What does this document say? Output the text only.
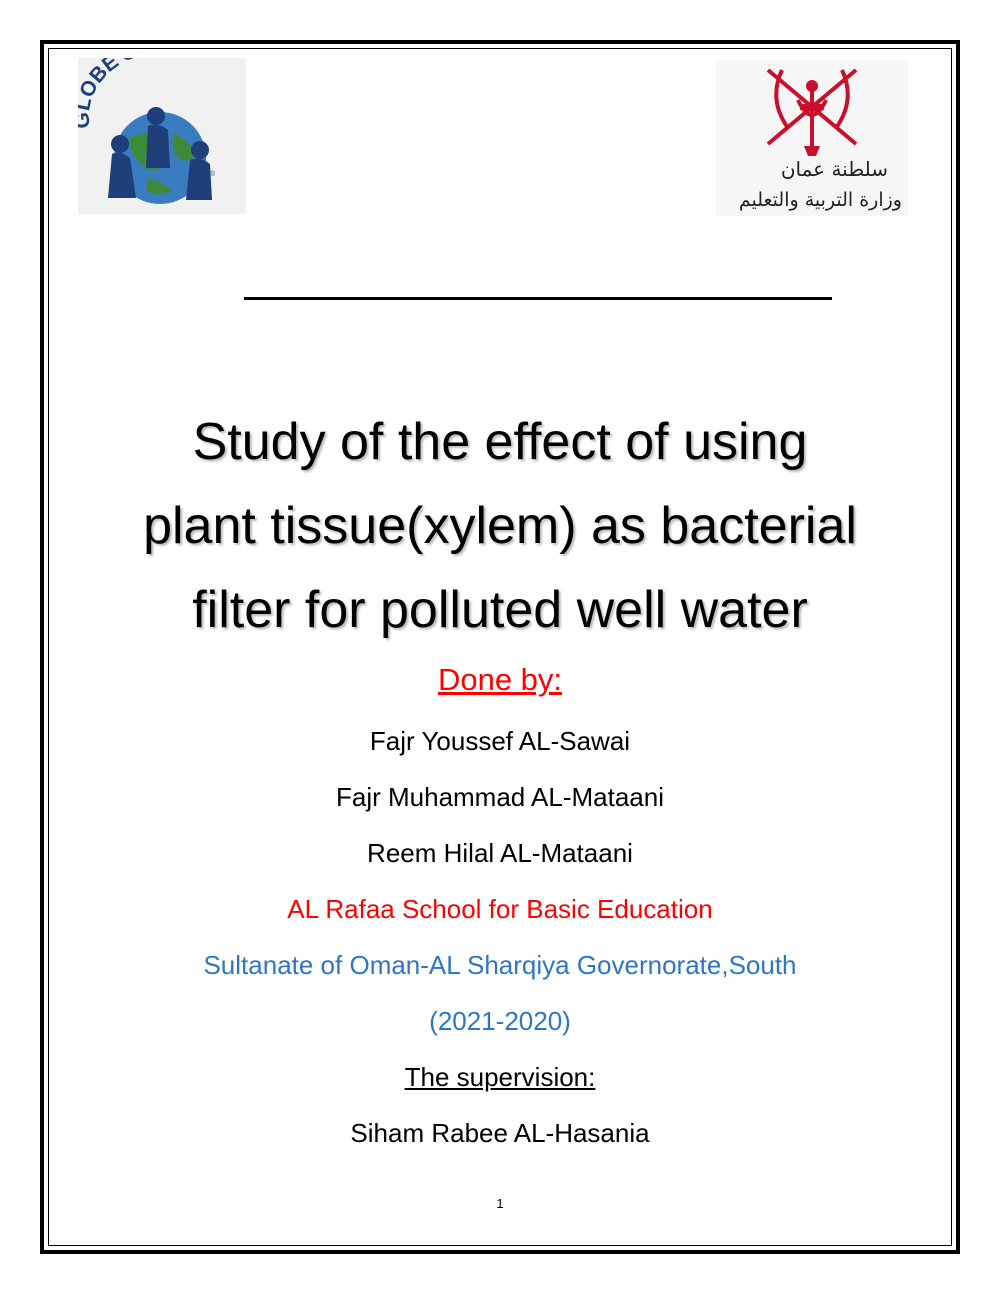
BE
®	سلطنة عمان
وزارة التربية والتعليم
Study of the effect of using
plant tissue(xylem) as bacterial
filter for polluted well water

Done by:

Fajr Youssef AL-Sawai

Fajr Muhammad AL-Mataani

Reem Hilal AL-Mataani

AL Rafaa School for Basic Education

Sultanate of Oman-AL Sharqiya Governorate,South

(2021-2020)

The supervision:

Siham Rabee AL-Hasania

1
